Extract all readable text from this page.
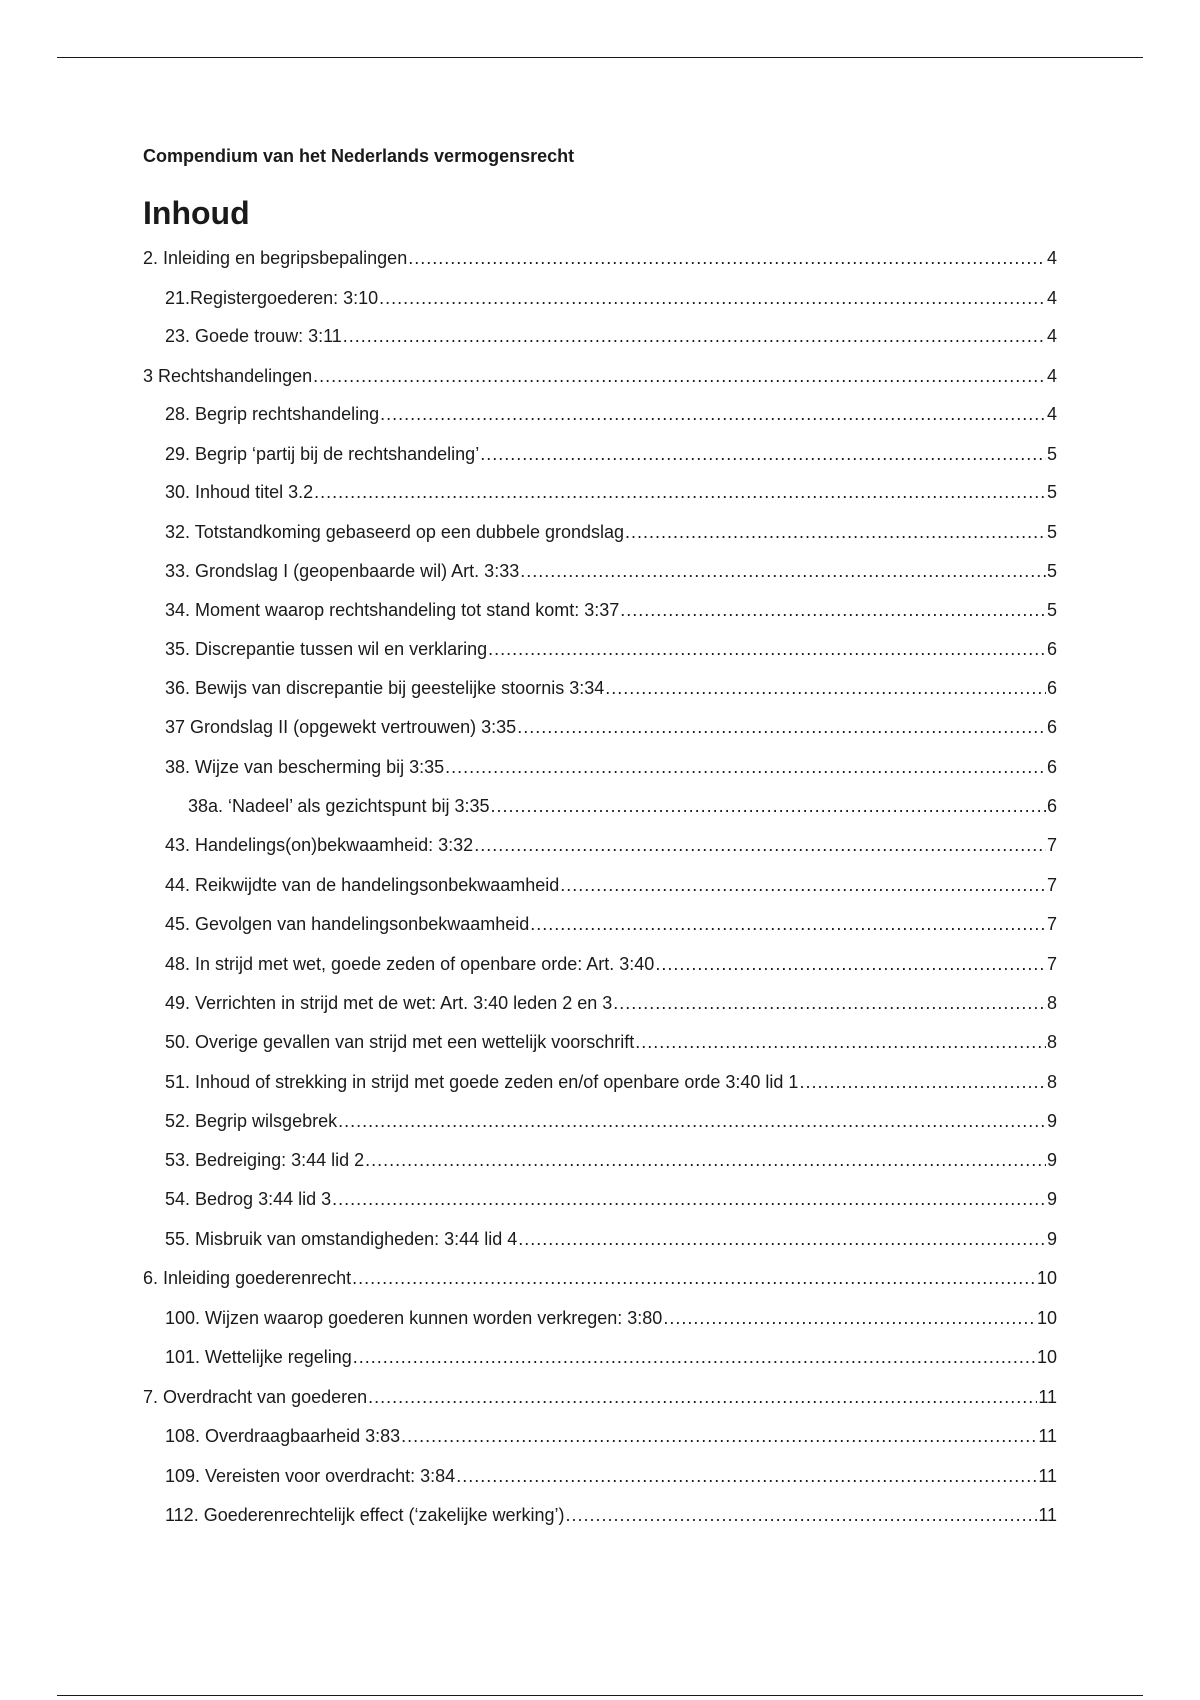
Compendium van het Nederlands vermogensrecht
Inhoud
2. Inleiding en begripsbepalingen .....	4
21.Registergoederen: 3:10 .....	4
23. Goede trouw: 3:11 .....	4
3 Rechtshandelingen .....	4
28. Begrip rechtshandeling .....	4
29. Begrip ‘partij bij de rechtshandeling’ .....	5
30. Inhoud titel 3.2 .....	5
32. Totstandkoming gebaseerd op een dubbele grondslag .....	5
33. Grondslag I (geopenbaarde wil) Art. 3:33 .....	5
34. Moment waarop rechtshandeling tot stand komt: 3:37 .....	5
35. Discrepantie tussen wil en verklaring .....	6
36. Bewijs van discrepantie bij geestelijke stoornis 3:34 .....	6
37 Grondslag II (opgewekt vertrouwen) 3:35 .....	6
38. Wijze van bescherming bij 3:35 .....	6
38a. ‘Nadeel’ als gezichtspunt bij 3:35 .....	6
43. Handelings(on)bekwaamheid: 3:32 .....	7
44. Reikwijdte van de handelingsonbekwaamheid .....	7
45. Gevolgen van handelingsonbekwaamheid .....	7
48. In strijd met wet, goede zeden of openbare orde: Art. 3:40 .....	7
49. Verrichten in strijd met de wet: Art. 3:40 leden 2 en 3 .....	8
50. Overige gevallen van strijd met een wettelijk voorschrift .....	8
51. Inhoud of strekking in strijd met goede zeden en/of openbare orde 3:40 lid 1 .....	8
52. Begrip wilsgebrek .....	9
53. Bedreiging: 3:44 lid 2 .....	9
54. Bedrog 3:44 lid 3 .....	9
55. Misbruik van omstandigheden: 3:44 lid 4 .....	9
6. Inleiding goederenrecht .....	10
100. Wijzen waarop goederen kunnen worden verkregen: 3:80 .....	10
101. Wettelijke regeling .....	10
7. Overdracht van goederen .....	11
108. Overdraagbaarheid 3:83 .....	11
109. Vereisten voor overdracht: 3:84 .....	11
112. Goederenrechtelijk effect (‘zakelijke werking’) .....	11
